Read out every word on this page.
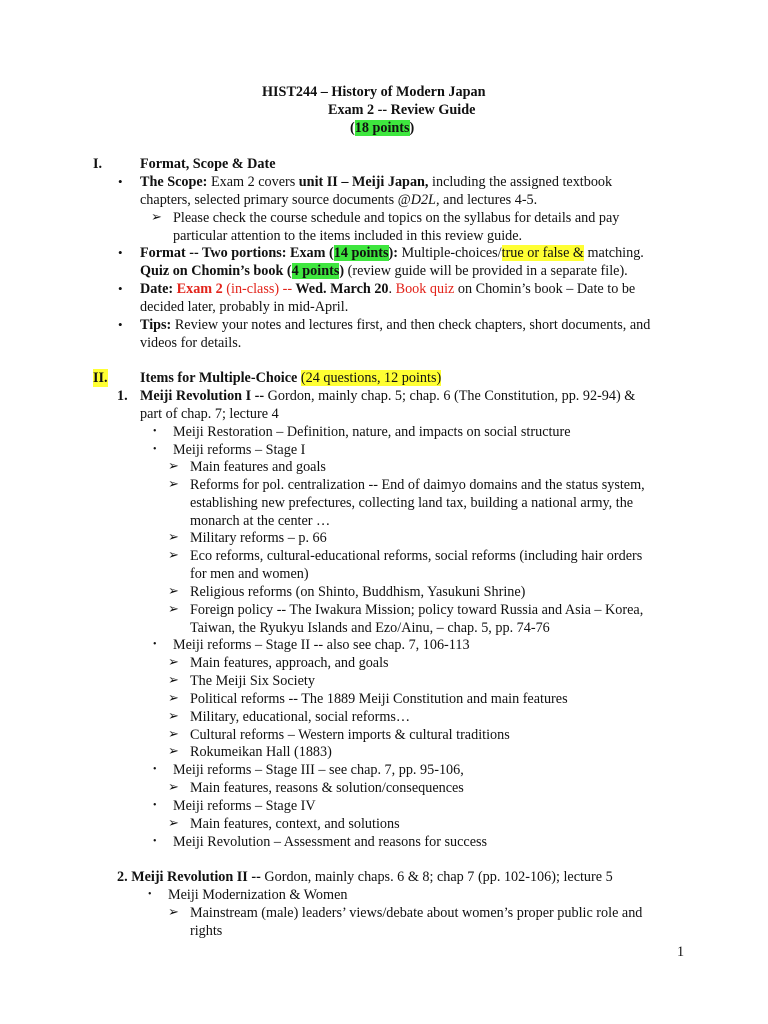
HIST244 – History of Modern Japan
Exam 2 -- Review Guide
(18 points)
I.	Format, Scope & Date
• The Scope: Exam 2 covers unit II – Meiji Japan, including the assigned textbook
chapters, selected primary source documents @D2L, and lectures 4-5.
➢ Please check the course schedule and topics on the syllabus for details and pay
particular attention to the items included in this review guide.
• Format -- Two portions: Exam (14 points): Multiple-choices/true or false & matching.
Quiz on Chomin’s book (4 points) (review guide will be provided in a separate file).
• Date: Exam 2 (in-class) -- Wed. March 20. Book quiz on Chomin’s book – Date to be
decided later, probably in mid-April.
• Tips: Review your notes and lectures first, and then check chapters, short documents, and
videos for details.
II. Items for Multiple-Choice (24 questions, 12 points)
1. Meiji Revolution I -- Gordon, mainly chap. 5; chap. 6 (The Constitution, pp. 92-94) &
part of chap. 7; lecture 4
• Meiji Restoration – Definition, nature, and impacts on social structure
• Meiji reforms – Stage I
➢ Main features and goals
➢ Reforms for pol. centralization -- End of daimyo domains and the status system,
establishing new prefectures, collecting land tax, building a national army, the
monarch at the center …
➢ Military reforms – p. 66
➢ Eco reforms, cultural-educational reforms, social reforms (including hair orders
for men and women)
➢ Religious reforms (on Shinto, Buddhism, Yasukuni Shrine)
➢ Foreign policy -- The Iwakura Mission; policy toward Russia and Asia – Korea,
Taiwan, the Ryukyu Islands and Ezo/Ainu, – chap. 5, pp. 74-76
• Meiji reforms – Stage II -- also see chap. 7, 106-113
➢ Main features, approach, and goals
➢ The Meiji Six Society
➢ Political reforms -- The 1889 Meiji Constitution and main features
➢ Military, educational, social reforms…
➢ Cultural reforms – Western imports & cultural traditions
➢ Rokumeikan Hall (1883)
• Meiji reforms – Stage III – see chap. 7, pp. 95-106,
➢ Main features, reasons & solution/consequences
• Meiji reforms – Stage IV
➢ Main features, context, and solutions
• Meiji Revolution – Assessment and reasons for success
2. Meiji Revolution II -- Gordon, mainly chaps. 6 & 8; chap 7 (pp. 102-106); lecture 5
• Meiji Modernization & Women
➢ Mainstream (male) leaders’ views/debate about women’s proper public role and
rights
1
